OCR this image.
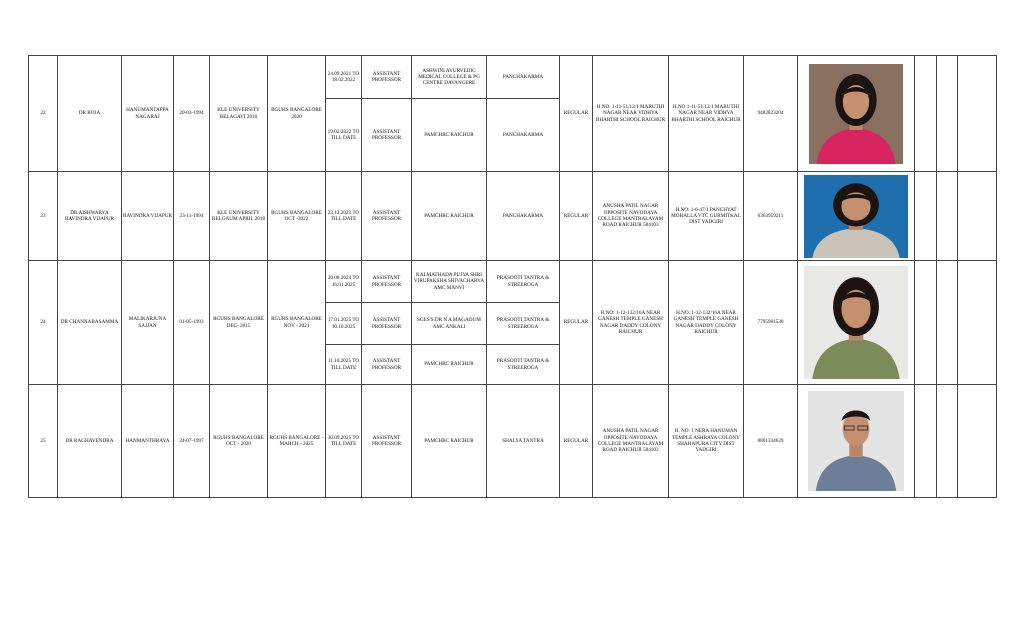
22	DR ROJA	HANUMANTAPPA NAGARAJ	20-03-1994	KLE UNIVERSITY BELAGAVI 2016	RGUHS BANGALORE 2020	24.09.2021 TO 18.02.2022	ASSISTANT PROFESSOR	ASHWINI AYURVEDIC MEDICAL COLLEGE & PG CENTRE DAVANGERE	PANCHAKARMA	REGULAR	H.NO. 1-11-51/12/1 MARUTHI NAGAR NEAR VIDHYA BHARTHI SCHOOL RAICHUR	H.NO 1-11-51/12/1 MARUTHI NAGAR NEAR VIDHYA BHARTHI SCHOOL RAICHUR	9482823204	

						19/02/2022 TO TILL DATE	ASSISTANT PROFESSOR	PAMCHRC RAICHUR	PANCHAKARMA								
23	DR AISHWARYA RAVINDRA VIJAPUR	RAVINDRA VIJAPUR	23-11-1994	KLE UNIVERSITY BELGAUM APRIL 2018	RGUHS BANGALORE OCT -2022	23.12.2023 TO TILL DATE	ASSISTANT PROFESSOR	PAMCHRC RAICHUR	PANCHAKARMA	REGULAR	ANUSHA PATIL NAGAR OPPOSITE NAVODAYA COLLEGE MANTRALAYAM ROAD RAICHUR 584103	H.NO: 1-6-47/1 PANCHYAT MOHALLA VTC GURMITKAL DIST YADGIRI	6363959211	

24	DR CHANNABASAMMA	MALIKARJUNA SAJJAN	01-05-1993	RGUHS BANGALORE DEC- 2015	RGUHS BANGALORE NOV - 2021	20.08.2024 TO 16.01.2025	ASSISTANT PROFESSOR	KALMATHADA PUJYA SHRI VIRUPAKSHA SHIVACHARYA AMC MANVI	PRASOOTI TANTRA & STREEROGA	REGULAR	H.NO: 1-12-132/16A NEAR GANESH TEMPLE GANESH NAGAR DADDY COLONY RAICHUR	H.NO: 1-12-132/16A NEAR GANESH TEMPLE GANESH NAGAR DADDY COLONY RAICHUR	7795981530	

						17.01.2025 TO 10.10.2025	ASSISTANT PROFESSOR	SGES'S DR N A MAGADUM AMC ANKALI	PRASOOTI TANTRA & STREEROGA								
						11.10.2025 TO TILL DATE	ASSISTANT PROFESSOR	PAMCHRC RAICHUR	PRASOOTI TANTRA & STREEROGA								
25	DR RAGHAVENDRA	HANMANTHRAYA	24-07-1997	RGUHS BANGALORE OCT - 2020	RGUHS BANGALORE - MARCH - 2025	30.09.2025 TO TILL DATE	ASSISTANT PROFESSOR	PAMCHRC RAICHUR	SHALYA TANTRA	REGULAR	ANUSHA PATIL NAGAR OPPOSITE NAVODAYA COLLEGE MANTRALAYAM ROAD RAICHUR 584103	H. NO: 1 NERA HANUMAN TEMPLE ASHRAYA COLONY SHAHAPURA CITY DIST YADGIRI	8861334639	
